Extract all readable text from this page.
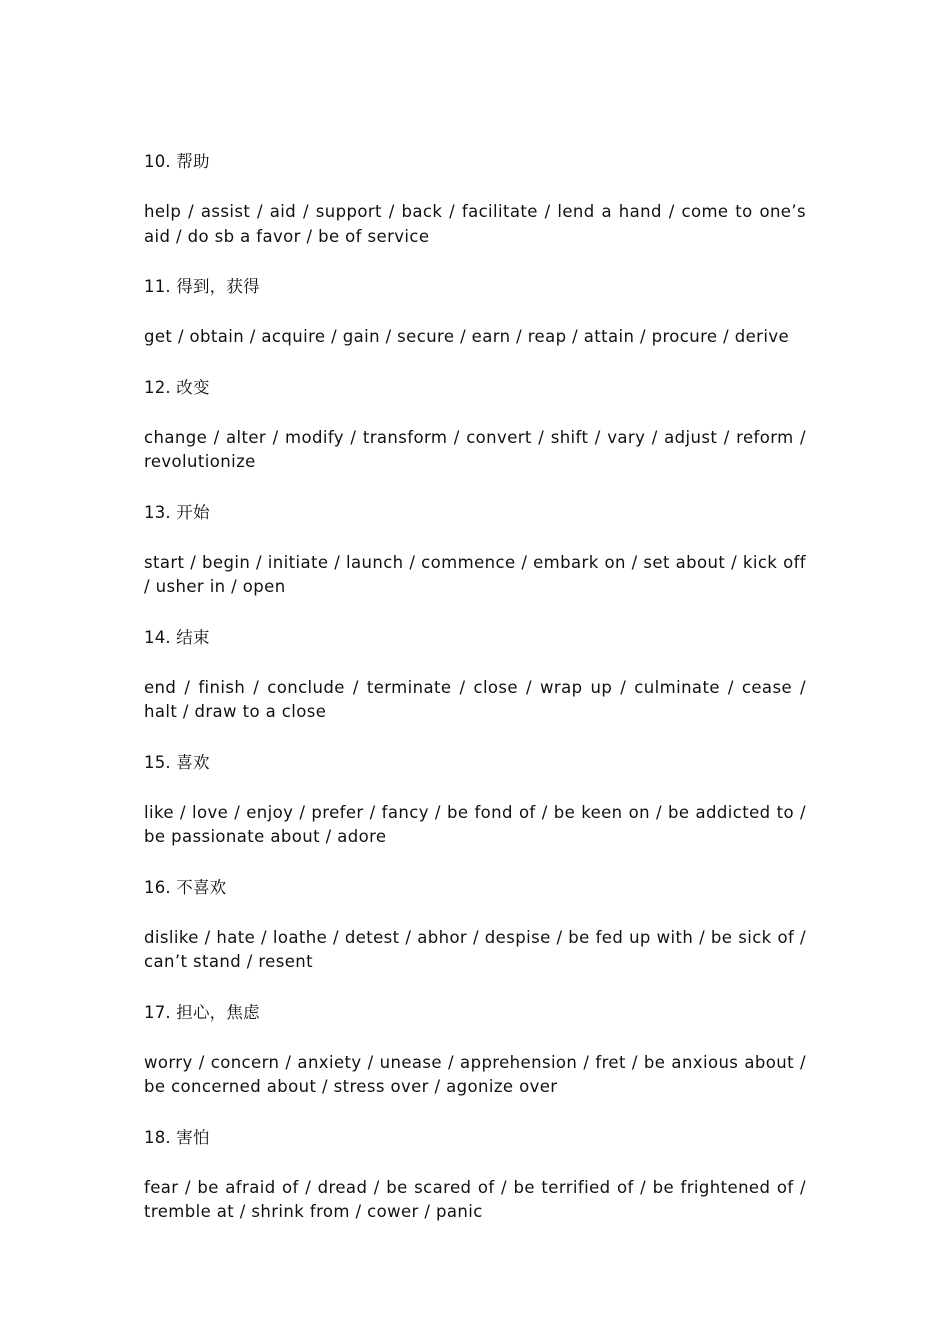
10. 帮助
help / assist / aid / support / back / facilitate / lend a hand / come to one’s aid / do sb a favor / be of service
11. 得到，获得
get / obtain / acquire / gain / secure / earn / reap / attain / procure / derive
12. 改变
change / alter / modify / transform / convert / shift / vary / adjust / reform / revolutionize
13. 开始
start / begin / initiate / launch / commence / embark on / set about / kick off / usher in / open
14. 结束
end / finish / conclude / terminate / close / wrap up / culminate / cease / halt / draw to a close
15. 喜欢
like / love / enjoy / prefer / fancy / be fond of / be keen on / be addicted to / be passionate about / adore
16. 不喜欢
dislike / hate / loathe / detest / abhor / despise / be fed up with / be sick of / can’t stand / resent
17. 担心，焦虑
worry / concern / anxiety / unease / apprehension / fret / be anxious about / be concerned about / stress over / agonize over
18. 害怕
fear / be afraid of / dread / be scared of / be terrified of / be frightened of / tremble at / shrink from / cower / panic
